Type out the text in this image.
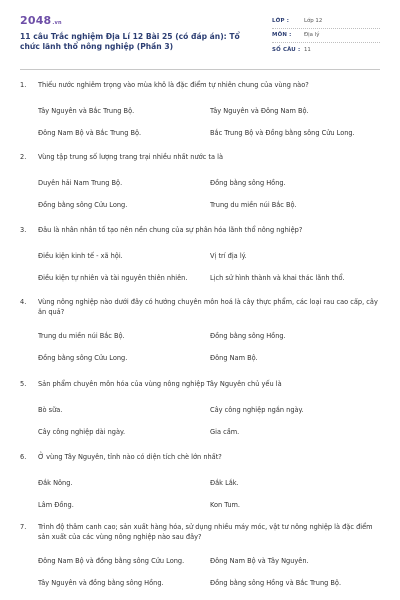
2048.vn
11 câu Trắc nghiệm Địa Lí 12 Bài 25 (có đáp án): Tổ chức lãnh thổ nông nghiệp (Phần 3)
LỚP :	Lớp 12
MÔN :	Địa lý
SỐ CÂU : 11
1.	Thiếu nước nghiêm trọng vào mùa khô là đặc điểm tự nhiên chung của vùng nào?
Tây Nguyên và Bắc Trung Bộ.	Tây Nguyên và Đông Nam Bộ.
Đông Nam Bộ và Bắc Trung Bộ.	Bắc Trung Bộ và Đồng bằng sông Cửu Long.
2.	Vùng tập trung số lượng trang trại nhiều nhất nước ta là
Duyên hải Nam Trung Bộ.	Đồng bằng sông Hồng.
Đồng bằng sông Cửu Long.	Trung du miền núi Bắc Bộ.
3.	Đâu là nhân nhân tố tạo nên nền chung của sự phân hóa lãnh thổ nông nghiệp?
Điều kiện kinh tế - xã hội.	Vị trí địa lý.
Điều kiện tự nhiên và tài nguyên thiên nhiên.	Lịch sử hình thành và khai thác lãnh thổ.
4.	Vùng nông nghiệp nào dưới đây có hướng chuyên môn hoá là cây thực phẩm, các loại rau cao cấp, cây ăn quả?
Trung du miền núi Bắc Bộ.	Đồng bằng sông Hồng.
Đồng bằng sông Cửu Long.	Đông Nam Bộ.
5.	Sản phẩm chuyên môn hóa của vùng nông nghiệp Tây Nguyên chủ yếu là
Bò sữa.	Cây công nghiệp ngắn ngày.
Cây công nghiệp dài ngày.	Gia cầm.
6.	Ở vùng Tây Nguyên, tỉnh nào có diện tích chè lớn nhất?
Đắk Nông.	Đắk Lắk.
Lâm Đồng.	Kon Tum.
7.	Trình độ thâm canh cao; sản xuất hàng hóa, sử dụng nhiều máy móc, vật tư nông nghiệp là đặc điểm sản xuất của các vùng nông nghiệp nào sau đây?
Đông Nam Bộ và đồng bằng sông Cửu Long.	Đông Nam Bộ và Tây Nguyên.
Tây Nguyên và đồng bằng sông Hồng.	Đồng bằng sông Hồng và Bắc Trung Bộ.
